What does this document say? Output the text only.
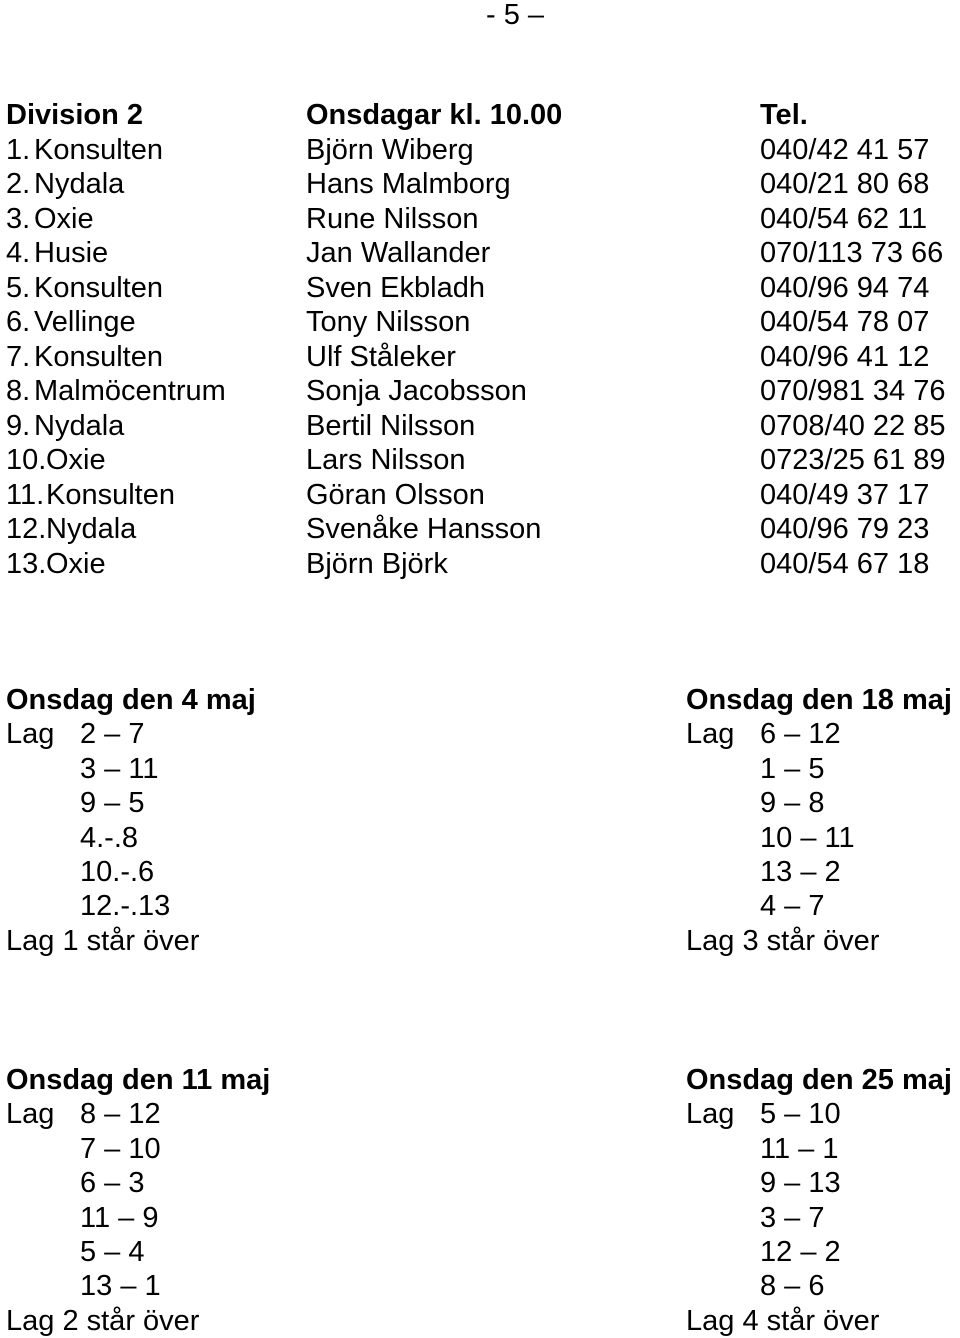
- 5 –
Division 2	Onsdagar kl. 10.00	Tel.
1. Konsulten	Björn Wiberg	040/42 41 57
2. Nydala	Hans Malmborg	040/21 80 68
3. Oxie	Rune Nilsson	040/54 62 11
4. Husie	Jan Wallander	070/113 73 66
5. Konsulten	Sven Ekbladh	040/96 94 74
6. Vellinge	Tony Nilsson	040/54 78 07
7. Konsulten	Ulf Ståleker	040/96 41 12
8. Malmöcentrum	Sonja Jacobsson	070/981 34 76
9. Nydala	Bertil Nilsson	0708/40 22 85
10. Oxie	Lars Nilsson	0723/25 61 89
11. Konsulten	Göran Olsson	040/49 37 17
12. Nydala	Svenåke Hansson	040/96 79 23
13. Oxie	Björn Björk	040/54 67 18
Onsdag den 4 maj
Lag 2 – 7
3 – 11
9 – 5
4.-.8
10.-.6
12.-.13
Lag 1 står över
Onsdag den 18 maj
Lag 6 – 12
1 – 5
9 – 8
10 – 11
13 – 2
4 – 7
Lag 3 står över
Onsdag den 11 maj
Lag 8 – 12
7 – 10
6 – 3
11 – 9
5 – 4
13 – 1
Lag 2 står över
Onsdag den 25 maj
Lag 5 – 10
11 – 1
9 – 13
3 – 7
12 – 2
8 – 6
Lag 4 står över
